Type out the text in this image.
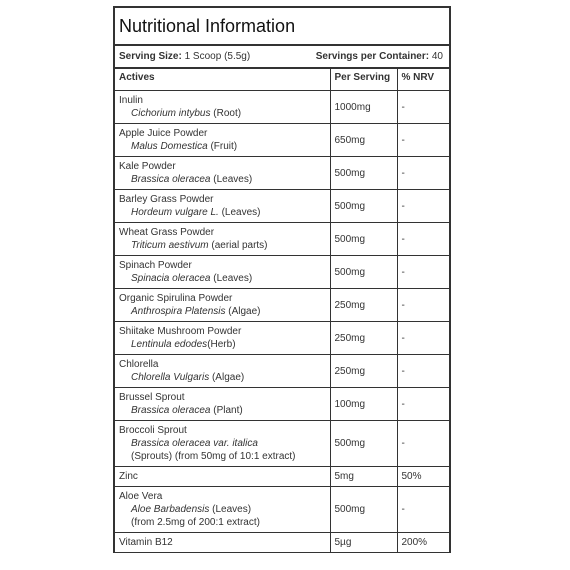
Nutritional Information
Serving Size: 1 Scoop (5.5g)	Servings per Container: 40
Actives	Per Serving	% NRV

Inulin
Cichorium intybus (Root)	1000mg	-

Apple Juice Powder
Malus Domestica (Fruit)	650mg	-

Kale Powder
Brassica oleracea (Leaves)	500mg	-

Barley Grass Powder
Hordeum vulgare L. (Leaves)	500mg	-

Wheat Grass Powder
Triticum aestivum (aerial parts)	500mg	-

Spinach Powder
Spinacia oleracea (Leaves)	500mg	-

Organic Spirulina Powder
Anthrospira Platensis (Algae)	250mg	-

Shiitake Mushroom Powder
Lentinula edodes(Herb)	250mg	-

Chlorella
Chlorella Vulgaris (Algae)	250mg	-

Brussel Sprout
Brassica oleracea (Plant)	100mg	-

Broccoli Sprout
Brassica oleracea var. italica
(Sprouts) (from 50mg of 10:1 extract)	500mg	-

Zinc	5mg	50%

Aloe Vera
Aloe Barbadensis (Leaves)
(from 2.5mg of 200:1 extract)	500mg	-

Vitamin B12	5µg	200%
